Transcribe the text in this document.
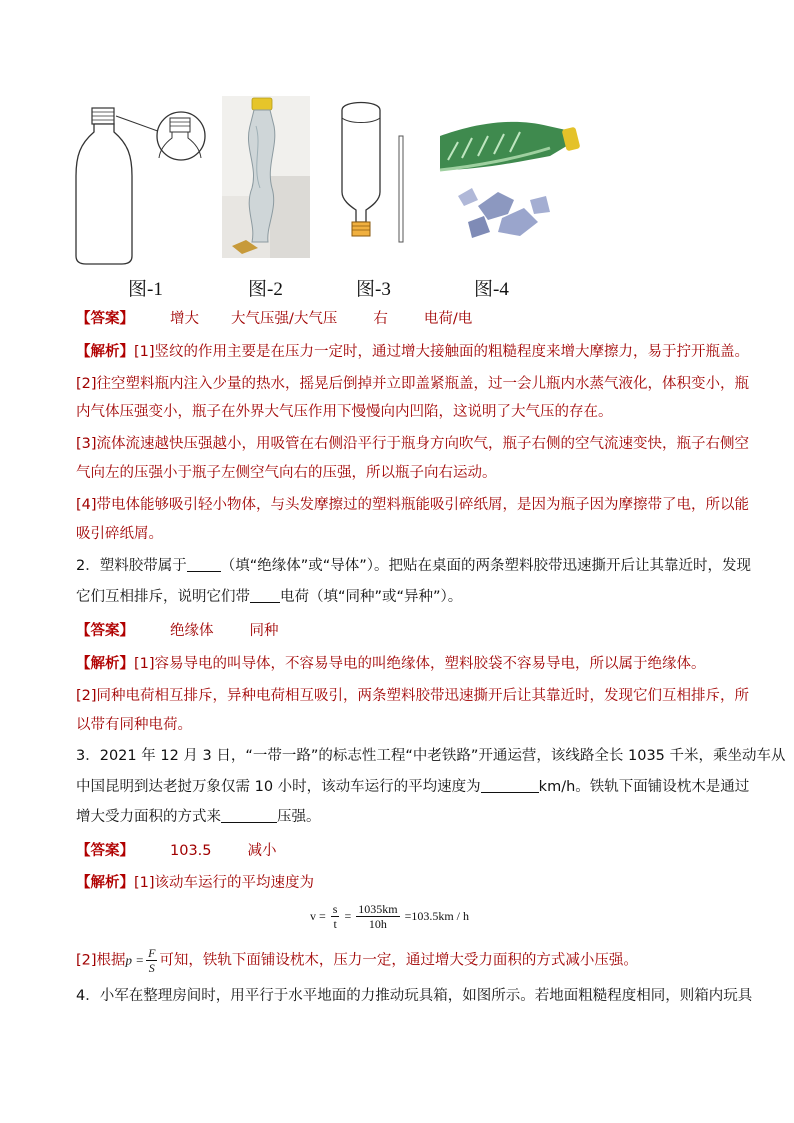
图-1	图-2	图-3	图-4
【答案】 增大 大气压强/大气压 右 电荷/电
【解析】[1]竖纹的作用主要是在压力一定时，通过增大接触面的粗糙程度来增大摩擦力，易于拧开瓶盖。
[2]往空塑料瓶内注入少量的热水，摇晃后倒掉并立即盖紧瓶盖，过一会儿瓶内水蒸气液化，体积变小，瓶
内气体压强变小，瓶子在外界大气压作用下慢慢向内凹陷，这说明了大气压的存在。
[3]流体流速越快压强越小，用吸管在右侧沿平行于瓶身方向吹气，瓶子右侧的空气流速变快，瓶子右侧空
气向左的压强小于瓶子左侧空气向右的压强，所以瓶子向右运动。
[4]带电体能够吸引轻小物体，与头发摩擦过的塑料瓶能吸引碎纸屑，是因为瓶子因为摩擦带了电，所以能
吸引碎纸屑。
2．塑料胶带属于 （填“绝缘体”或“导体”）。把贴在桌面的两条塑料胶带迅速撕开后让其靠近时，发现
它们互相排斥，说明它们带 电荷（填“同种”或“异种”）。
【答案】 绝缘体 同种
【解析】[1]容易导电的叫导体，不容易导电的叫绝缘体，塑料胶袋不容易导电，所以属于绝缘体。
[2]同种电荷相互排斥，异种电荷相互吸引，两条塑料胶带迅速撕开后让其靠近时，发现它们互相排斥，所
以带有同种电荷。
3．2021 年 12 月 3 日，“一带一路”的标志性工程“中老铁路”开通运营，该线路全长 1035 千米，乘坐动车从
中国昆明到达老挝万象仅需 10 小时，该动车运行的平均速度为	km/h。铁轨下面铺设枕木是通过
增大受力面积的方式来	压强。
【答案】 103.5 减小
【解析】[1]该动车运行的平均速度为
$v = \frac{s}{t} = \frac{1035km}{10h} =103.5km / h$
[2]根据$p = \frac{F}{S}$ 可知，铁轨下面铺设枕木，压力一定，通过增大受力面积的方式减小压强。
4．小军在整理房间时，用平行于水平地面的力推动玩具箱，如图所示。若地面粗糙程度相同，则箱内玩具
